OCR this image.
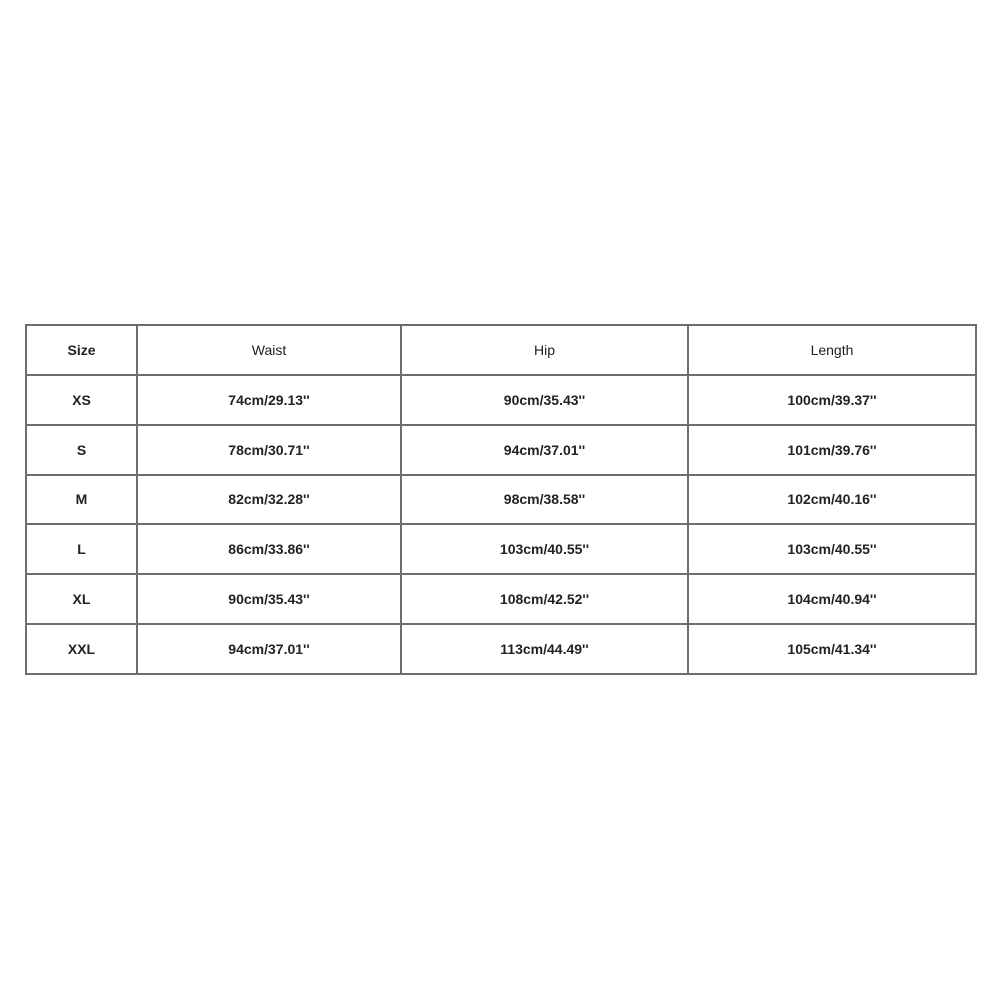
Size	Waist	Hip	Length
XS	74cm/29.13''	90cm/35.43''	100cm/39.37''
S	78cm/30.71''	94cm/37.01''	101cm/39.76''
M	82cm/32.28''	98cm/38.58''	102cm/40.16''
L	86cm/33.86''	103cm/40.55''	103cm/40.55''
XL	90cm/35.43''	108cm/42.52''	104cm/40.94''
XXL	94cm/37.01''	113cm/44.49''	105cm/41.34''
